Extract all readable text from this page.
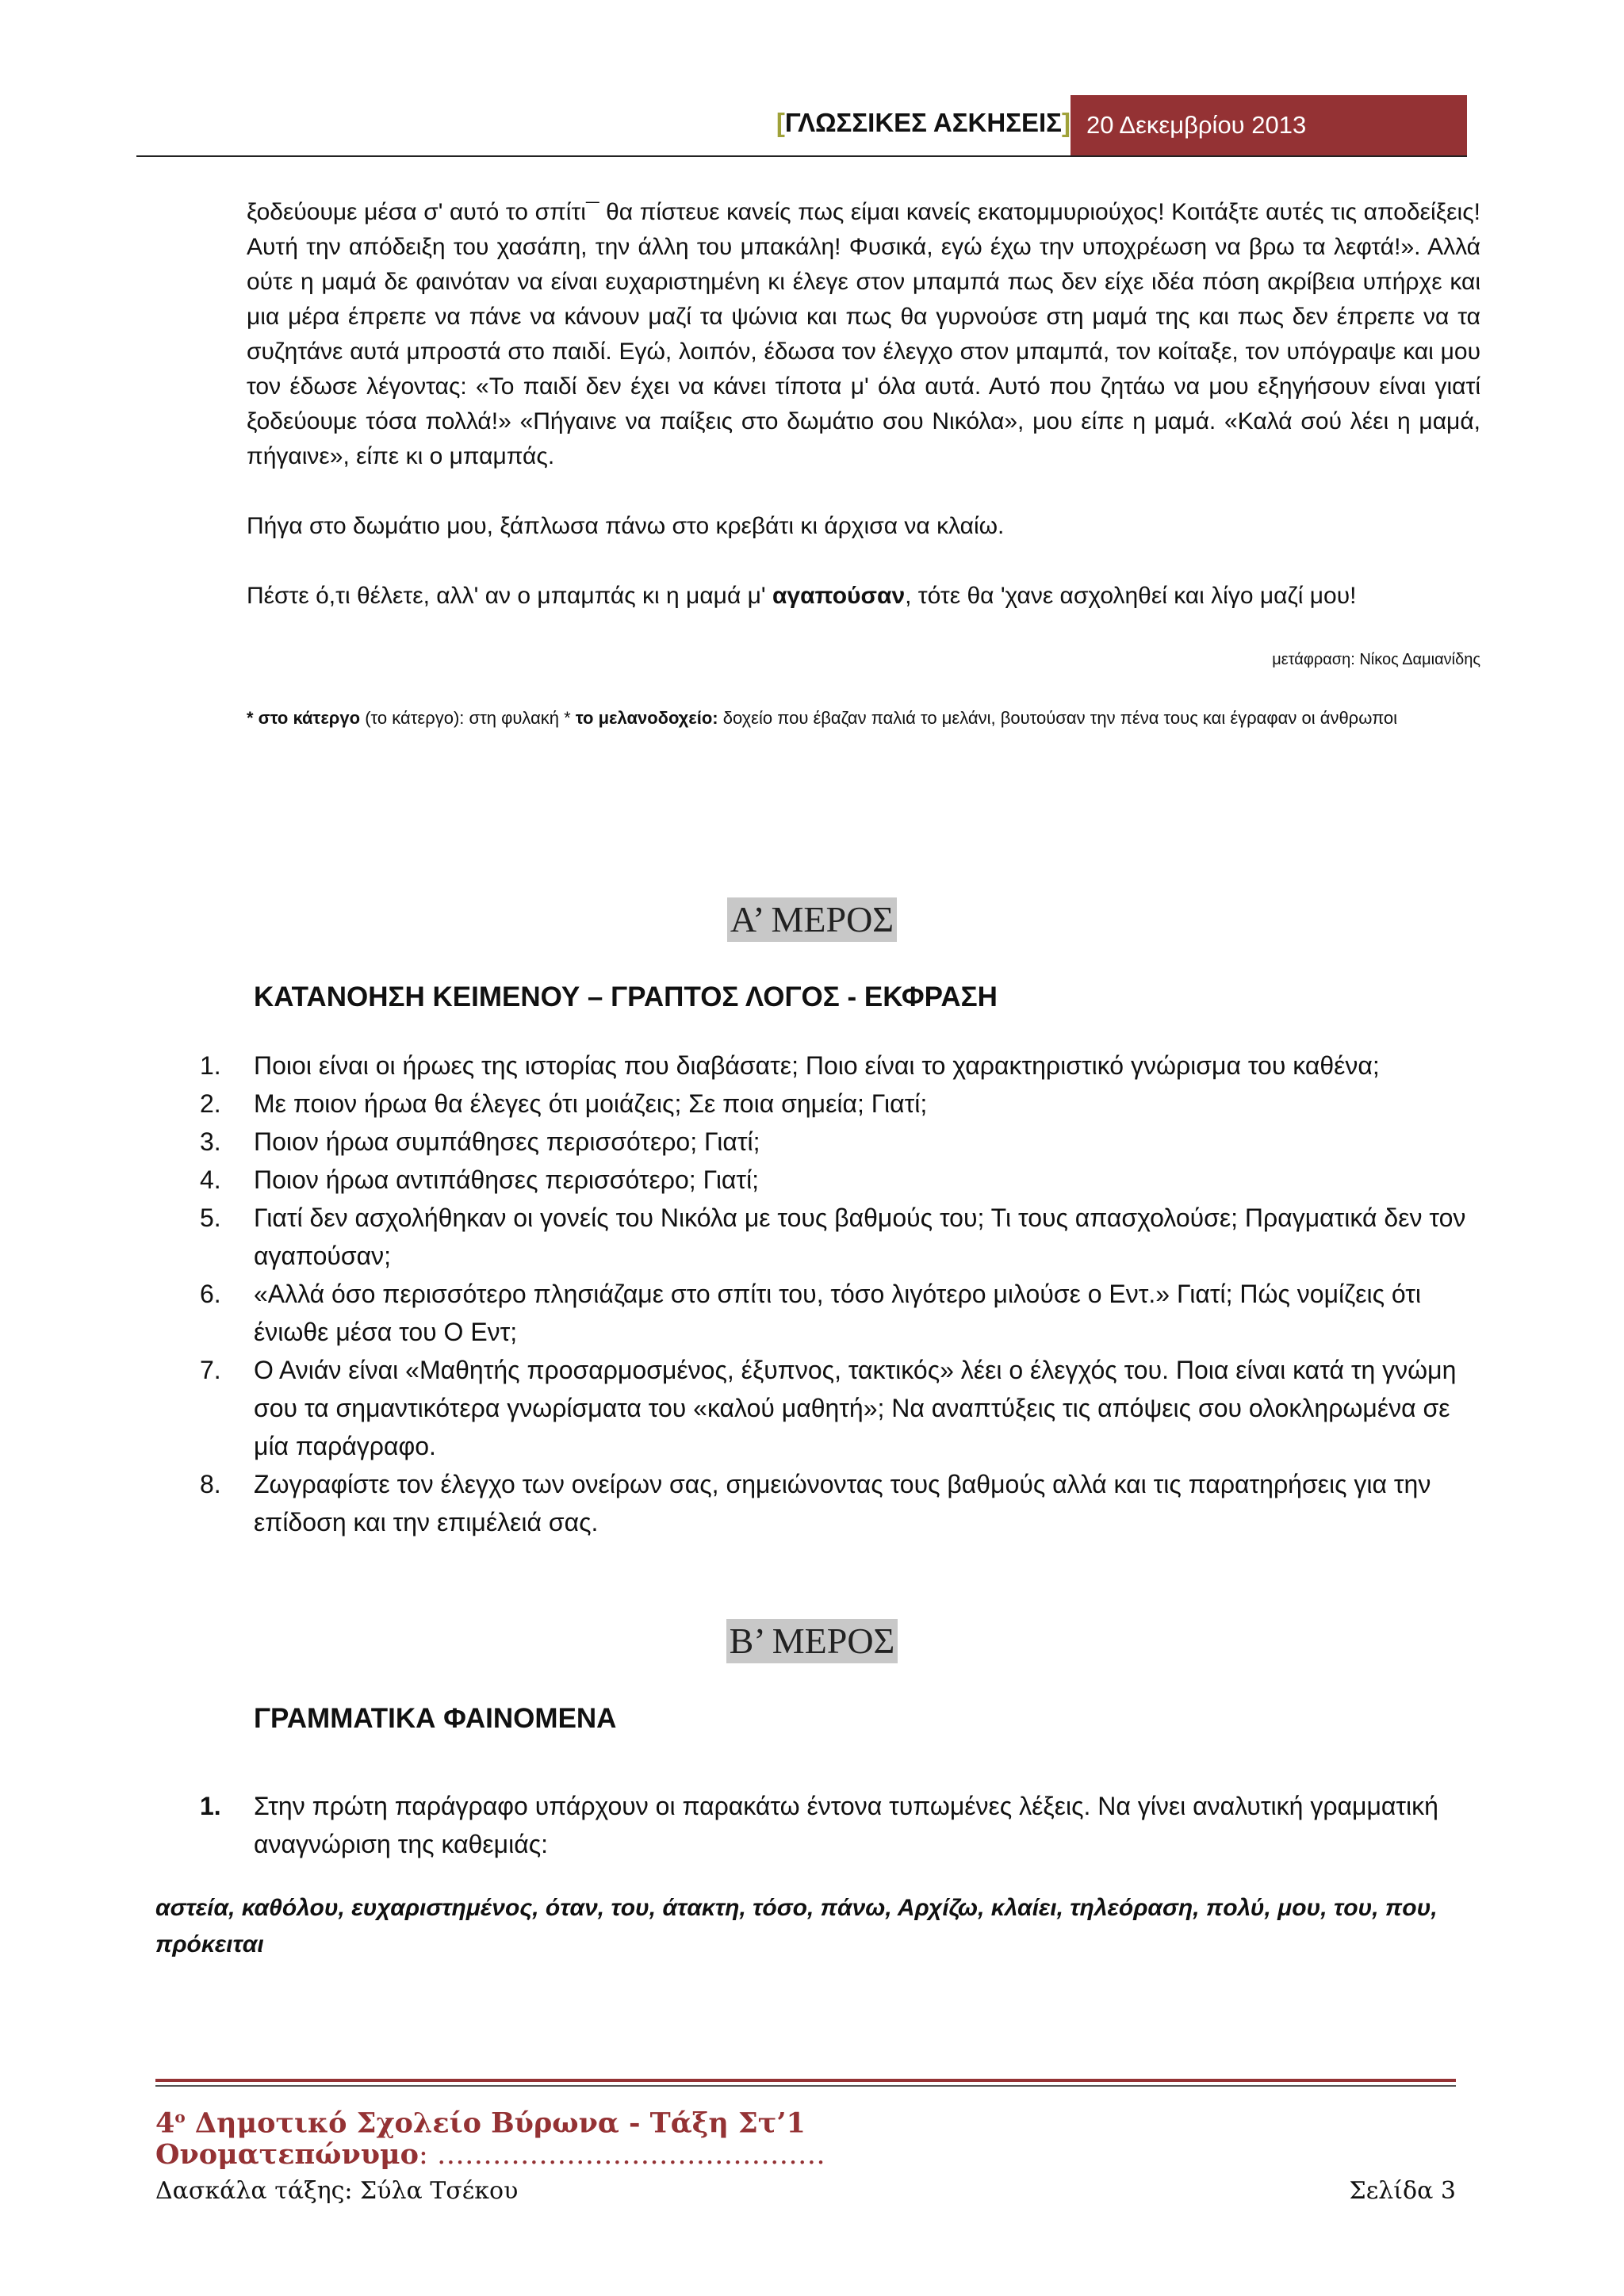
[ΓΛΩΣΣΙΚΕΣ ΑΣΚΗΣΕΙΣ] 20 Δεκεμβρίου 2013

ξοδεύουμε μέσα σ' αυτό το σπίτι¯ θα πίστευε κανείς πως είμαι κανείς εκατομμυριούχος! Κοιτάξτε αυτές τις αποδείξεις! Αυτή την απόδειξη του χασάπη, την άλλη του μπακάλη! Φυσικά, εγώ έχω την υποχρέωση να βρω τα λεφτά!». Αλλά ούτε η μαμά δε φαινόταν να είναι ευχαριστημένη κι έλεγε στον μπαμπά πως δεν είχε ιδέα πόση ακρίβεια υπήρχε και μια μέρα έπρεπε να πάνε να κάνουν μαζί τα ψώνια και πως θα γυρνούσε στη μαμά της και πως δεν έπρεπε να τα συζητάνε αυτά μπροστά στο παιδί. Εγώ, λοιπόν, έδωσα τον έλεγχο στον μπαμπά, τον κοίταξε, τον υπόγραψε και μου τον έδωσε λέγοντας: «Το παιδί δεν έχει να κάνει τίποτα μ' όλα αυτά. Αυτό που ζητάω να μου εξηγήσουν είναι γιατί ξοδεύουμε τόσα πολλά!» «Πήγαινε να παίξεις στο δωμάτιο σου Νικόλα», μου είπε η μαμά. «Καλά σού λέει η μαμά, πήγαινε», είπε κι ο μπαμπάς.

Πήγα στο δωμάτιο μου, ξάπλωσα πάνω στο κρεβάτι κι άρχισα να κλαίω.

Πέστε ό,τι θέλετε, αλλ' αν ο μπαμπάς κι η μαμά μ' αγαπούσαν, τότε θα 'χανε ασχοληθεί και λίγο μαζί μου!

μετάφραση: Νίκος Δαμιανίδης
* στο κάτεργο (το κάτεργο): στη φυλακή * το μελανοδοχείο: δοχείο που έβαζαν παλιά το μελάνι, βουτούσαν την πένα τους και έγραφαν οι άνθρωποι
Α’ ΜΕΡΟΣ
ΚΑΤΑΝΟΗΣΗ ΚΕΙΜΕΝΟΥ – ΓΡΑΠΤΟΣ ΛΟΓΟΣ - ΕΚΦΡΑΣΗ
1.	Ποιοι είναι οι ήρωες της ιστορίας που διαβάσατε; Ποιο είναι το χαρακτηριστικό γνώρισμα του καθένα;
2.	Με ποιον ήρωα θα έλεγες ότι μοιάζεις; Σε ποια σημεία; Γιατί;
3.	Ποιον ήρωα συμπάθησες περισσότερο; Γιατί;
4.	Ποιον ήρωα αντιπάθησες περισσότερο; Γιατί;
5.	Γιατί δεν ασχολήθηκαν οι γονείς του Νικόλα με τους βαθμούς του; Τι τους απασχολούσε; Πραγματικά δεν τον αγαπούσαν;
6.	«Αλλά όσο περισσότερο πλησιάζαμε στο σπίτι του, τόσο λιγότερο μιλούσε ο Εντ.» Γιατί; Πώς νομίζεις ότι ένιωθε μέσα του Ο Εντ;
7.	Ο Ανιάν είναι «Μαθητής προσαρμοσμένος, έξυπνος, τακτικός» λέει ο έλεγχός του. Ποια είναι κατά τη γνώμη σου τα σημαντικότερα γνωρίσματα του «καλού μαθητή»; Να αναπτύξεις τις απόψεις σου ολοκληρωμένα σε μία παράγραφο.
8.	Ζωγραφίστε τον έλεγχο των ονείρων σας, σημειώνοντας τους βαθμούς αλλά και τις παρατηρήσεις για την επίδοση και την επιμέλειά σας.
Β’ ΜΕΡΟΣ
ΓΡΑΜΜΑΤΙΚΑ ΦΑΙΝΟΜΕΝΑ
1.	Στην πρώτη παράγραφο υπάρχουν οι παρακάτω έντονα τυπωμένες λέξεις. Να γίνει αναλυτική γραμματική αναγνώριση της καθεμιάς:
αστεία, καθόλου, ευχαριστημένος, όταν, του, άτακτη, τόσο, πάνω, Αρχίζω, κλαίει, τηλεόραση, πολύ, μου, του, που, πρόκειται
$4^o$ Δημοτικό Σχολείο Βύρωνα - Τάξη Στ’1
Ονοματεπώνυμο: ……………………………………
Δασκάλα τάξης: Σύλα Τσέκου	Σελίδα 3
